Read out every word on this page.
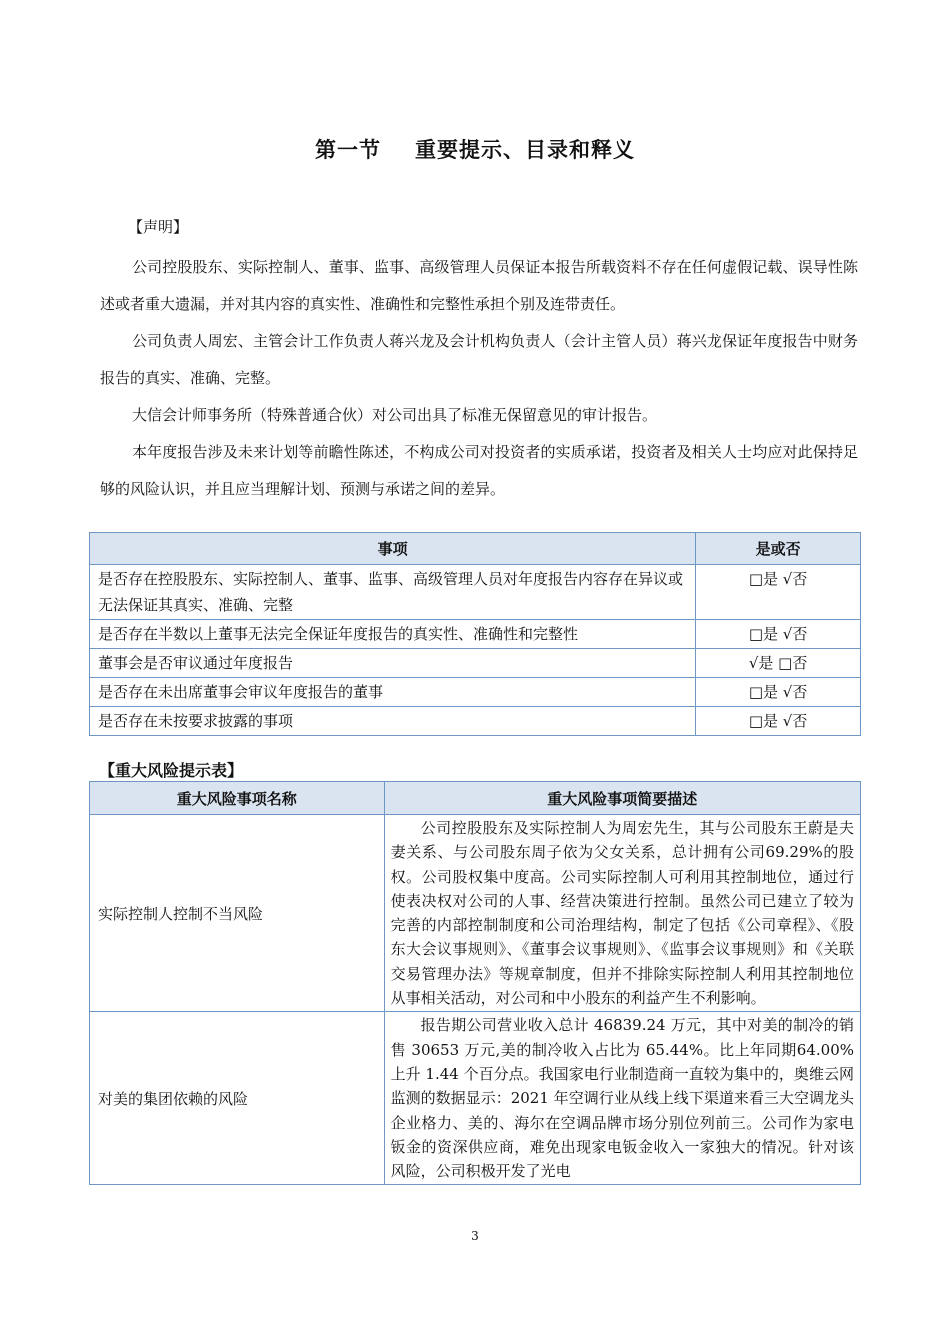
第一节 重要提示、目录和释义
【声明】

公司控股股东、实际控制人、董事、监事、高级管理人员保证本报告所载资料不存在任何虚假记载、误导性陈述或者重大遗漏，并对其内容的真实性、准确性和完整性承担个别及连带责任。

公司负责人周宏、主管会计工作负责人蒋兴龙及会计机构负责人（会计主管人员）蒋兴龙保证年度报告中财务报告的真实、准确、完整。

大信会计师事务所（特殊普通合伙）对公司出具了标准无保留意见的审计报告。

本年度报告涉及未来计划等前瞻性陈述，不构成公司对投资者的实质承诺，投资者及相关人士均应对此保持足够的风险认识，并且应当理解计划、预测与承诺之间的差异。

事项	是或否
是否存在控股股东、实际控制人、董事、监事、高级管理人员对年度报告内容存在异议或无法保证其真实、准确、完整	□是 √否
是否存在半数以上董事无法完全保证年度报告的真实性、准确性和完整性	□是 √否
董事会是否审议通过年度报告	√是 □否
是否存在未出席董事会审议年度报告的董事	□是 √否
是否存在未按要求披露的事项	□是 √否
【重大风险提示表】
重大风险事项名称	重大风险事项简要描述
实际控制人控制不当风险	公司控股股东及实际控制人为周宏先生，其与公司股东王蔚是夫妻关系、与公司股东周子依为父女关系，总计拥有公司69.29%的股权。公司股权集中度高。公司实际控制人可利用其控制地位，通过行使表决权对公司的人事、经营决策进行控制。虽然公司已建立了较为完善的内部控制制度和公司治理结构，制定了包括《公司章程》、《股东大会议事规则》、《董事会议事规则》、《监事会议事规则》和《关联交易管理办法》等规章制度，但并不排除实际控制人利用其控制地位从事相关活动，对公司和中小股东的利益产生不利影响。
对美的集团依赖的风险	报告期公司营业收入总计 46839.24 万元，其中对美的制冷的销售 30653 万元,美的制冷收入占比为 65.44%。比上年同期64.00%上升 1.44 个百分点。我国家电行业制造商一直较为集中的，奥维云网监测的数据显示：2021 年空调行业从线上线下渠道来看三大空调龙头企业格力、美的、海尔在空调品牌市场分别位列前三。公司作为家电钣金的资深供应商，难免出现家电钣金收入一家独大的情况。针对该风险，公司积极开发了光电
3
